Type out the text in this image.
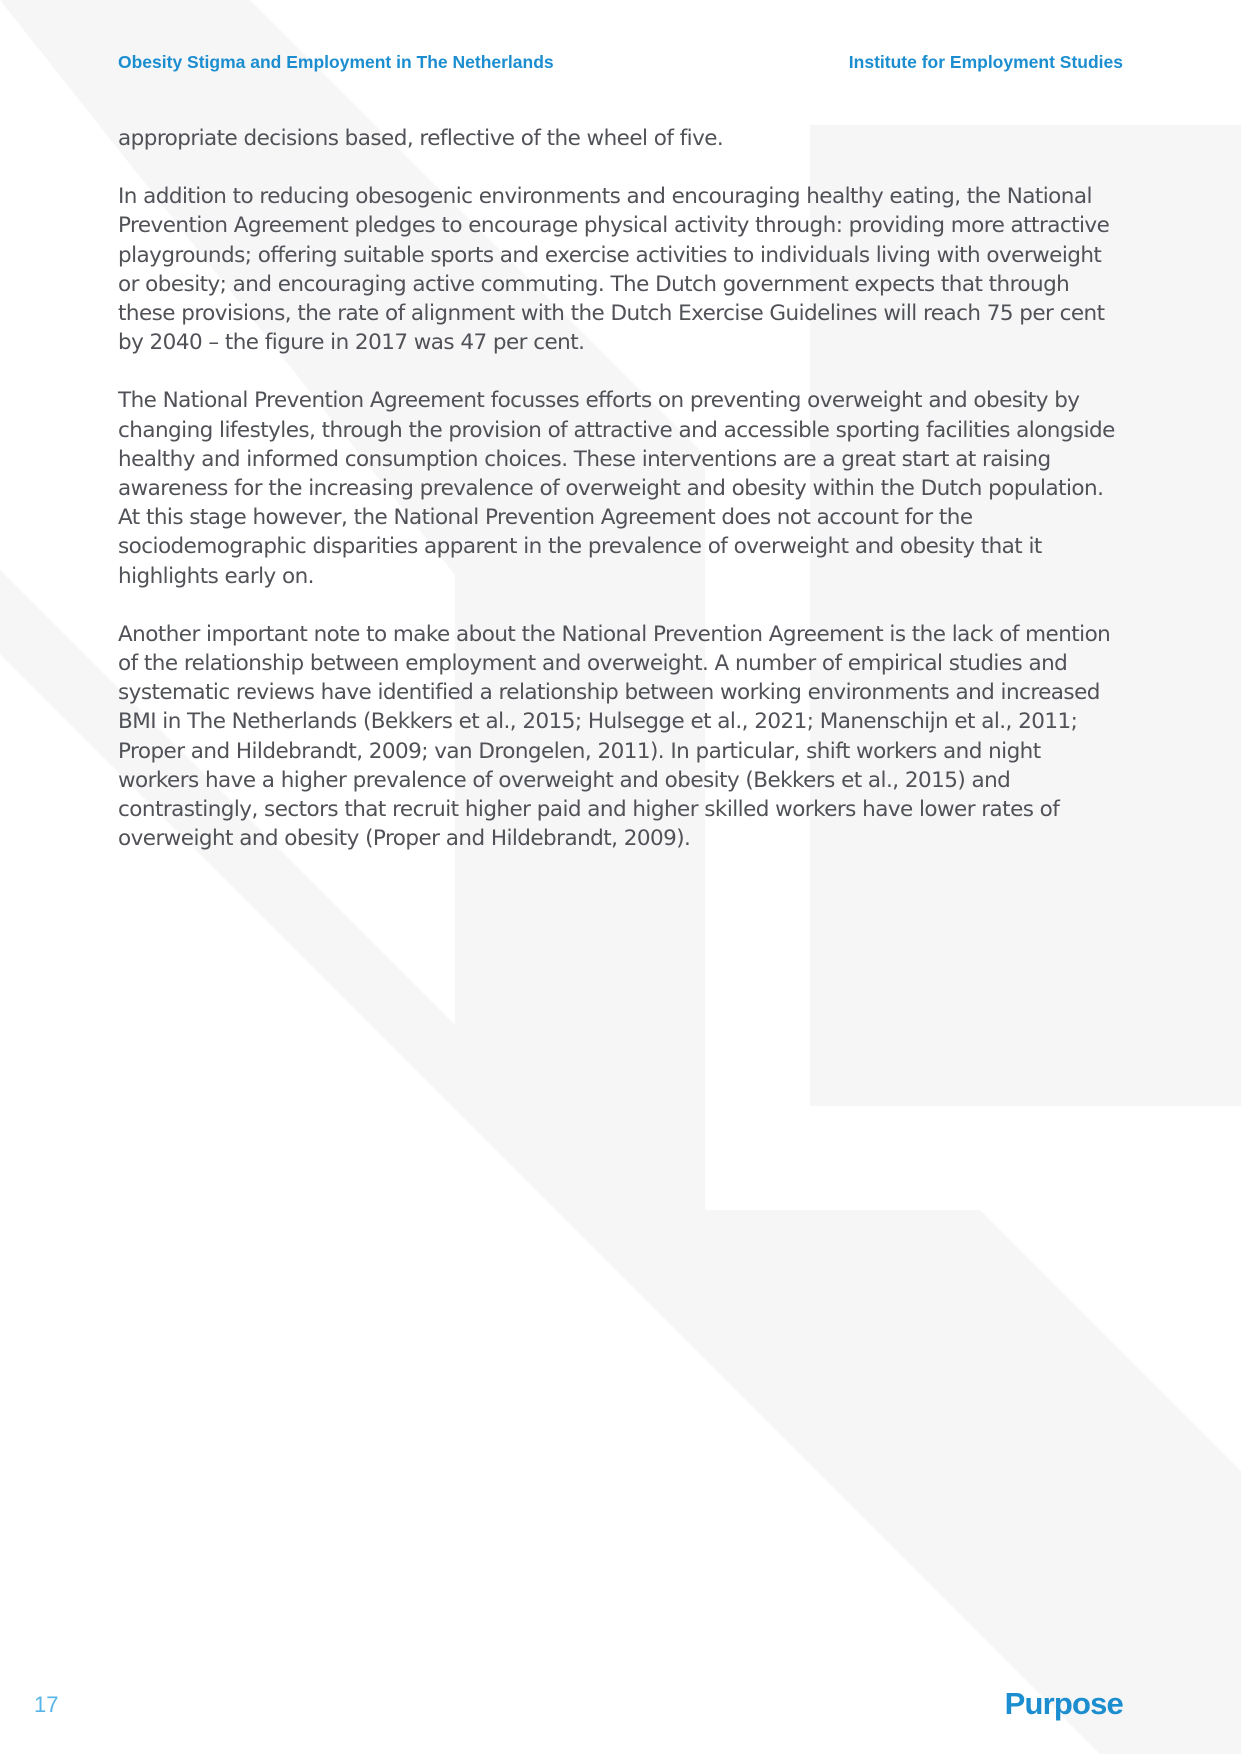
Obesity Stigma and Employment in The Netherlands	Institute for Employment Studies

appropriate decisions based, reflective of the wheel of five.

In addition to reducing obesogenic environments and encouraging healthy eating, the National Prevention Agreement pledges to encourage physical activity through: providing more attractive playgrounds; offering suitable sports and exercise activities to individuals living with overweight or obesity; and encouraging active commuting. The Dutch government expects that through these provisions, the rate of alignment with the Dutch Exercise Guidelines will reach 75 per cent by 2040 – the figure in 2017 was 47 per cent.

The National Prevention Agreement focusses efforts on preventing overweight and obesity by changing lifestyles, through the provision of attractive and accessible sporting facilities alongside healthy and informed consumption choices. These interventions are a great start at raising awareness for the increasing prevalence of overweight and obesity within the Dutch population. At this stage however, the National Prevention Agreement does not account for the sociodemographic disparities apparent in the prevalence of overweight and obesity that it highlights early on.

Another important note to make about the National Prevention Agreement is the lack of mention of the relationship between employment and overweight. A number of empirical studies and systematic reviews have identified a relationship between working environments and increased BMI in The Netherlands (Bekkers et al., 2015; Hulsegge et al., 2021; Manenschijn et al., 2011; Proper and Hildebrandt, 2009; van Drongelen, 2011). In particular, shift workers and night workers have a higher prevalence of overweight and obesity (Bekkers et al., 2015) and contrastingly, sectors that recruit higher paid and higher skilled workers have lower rates of overweight and obesity (Proper and Hildebrandt, 2009).

17	Purpose
